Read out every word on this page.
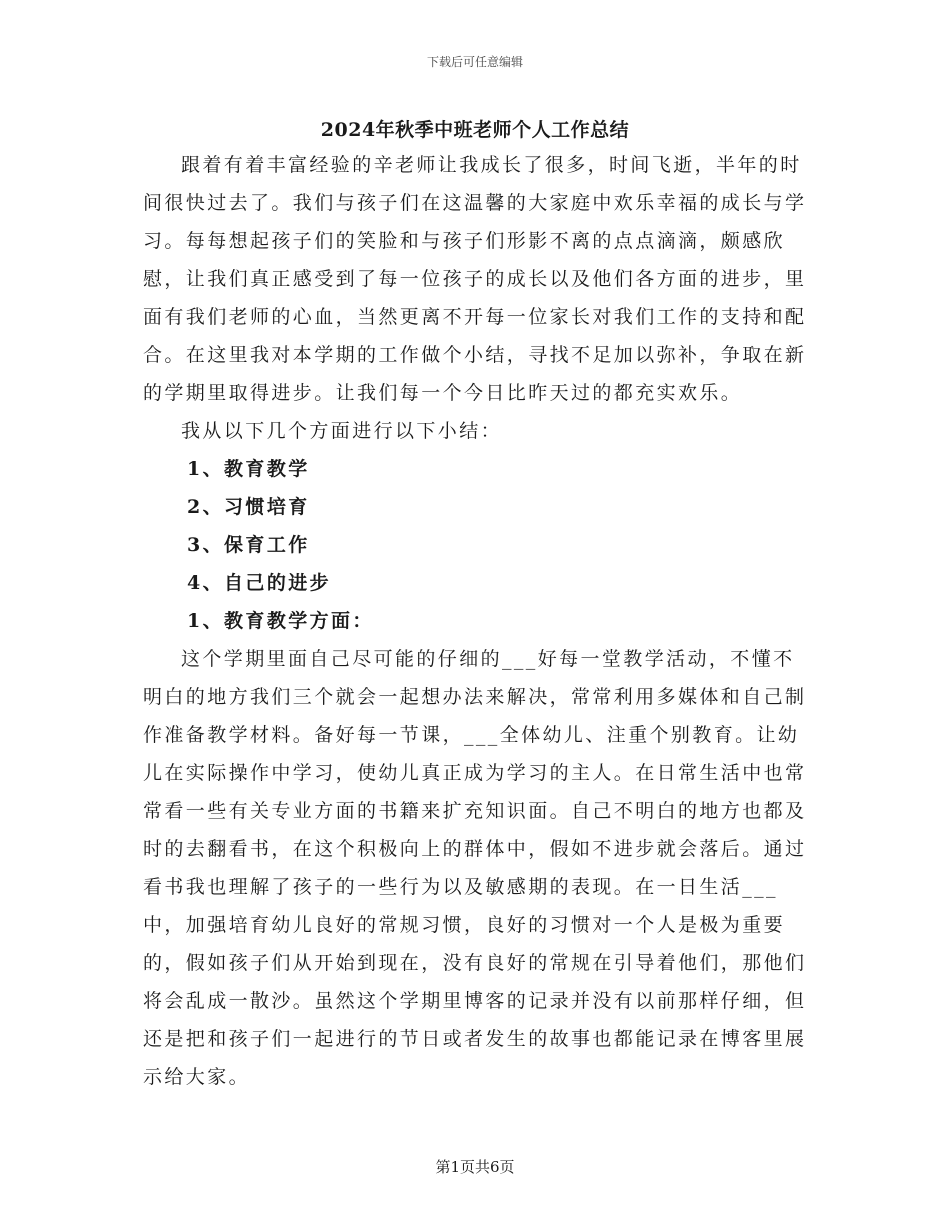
下载后可任意编辑
2024年秋季中班老师个人工作总结

跟着有着丰富经验的辛老师让我成长了很多，时间飞逝，半年的时间很快过去了。我们与孩子们在这温馨的大家庭中欢乐幸福的成长与学习。每每想起孩子们的笑脸和与孩子们形影不离的点点滴滴，颇感欣慰，让我们真正感受到了每一位孩子的成长以及他们各方面的进步，里面有我们老师的心血，当然更离不开每一位家长对我们工作的支持和配合。在这里我对本学期的工作做个小结，寻找不足加以弥补，争取在新的学期里取得进步。让我们每一个今日比昨天过的都充实欢乐。

我从以下几个方面进行以下小结：

1、教育教学

2、习惯培育

3、保育工作

4、自己的进步

1、教育教学方面：

这个学期里面自己尽可能的仔细的___好每一堂教学活动，不懂不明白的地方我们三个就会一起想办法来解决，常常利用多媒体和自己制作准备教学材料。备好每一节课，___全体幼儿、注重个别教育。让幼儿在实际操作中学习，使幼儿真正成为学习的主人。在日常生活中也常常看一些有关专业方面的书籍来扩充知识面。自己不明白的地方也都及时的去翻看书，在这个积极向上的群体中，假如不进步就会落后。通过看书我也理解了孩子的一些行为以及敏感期的表现。在一日生活___中，加强培育幼儿良好的常规习惯，良好的习惯对一个人是极为重要的，假如孩子们从开始到现在，没有良好的常规在引导着他们，那他们将会乱成一散沙。虽然这个学期里博客的记录并没有以前那样仔细，但还是把和孩子们一起进行的节日或者发生的故事也都能记录在博客里展示给大家。

第1页共6页
